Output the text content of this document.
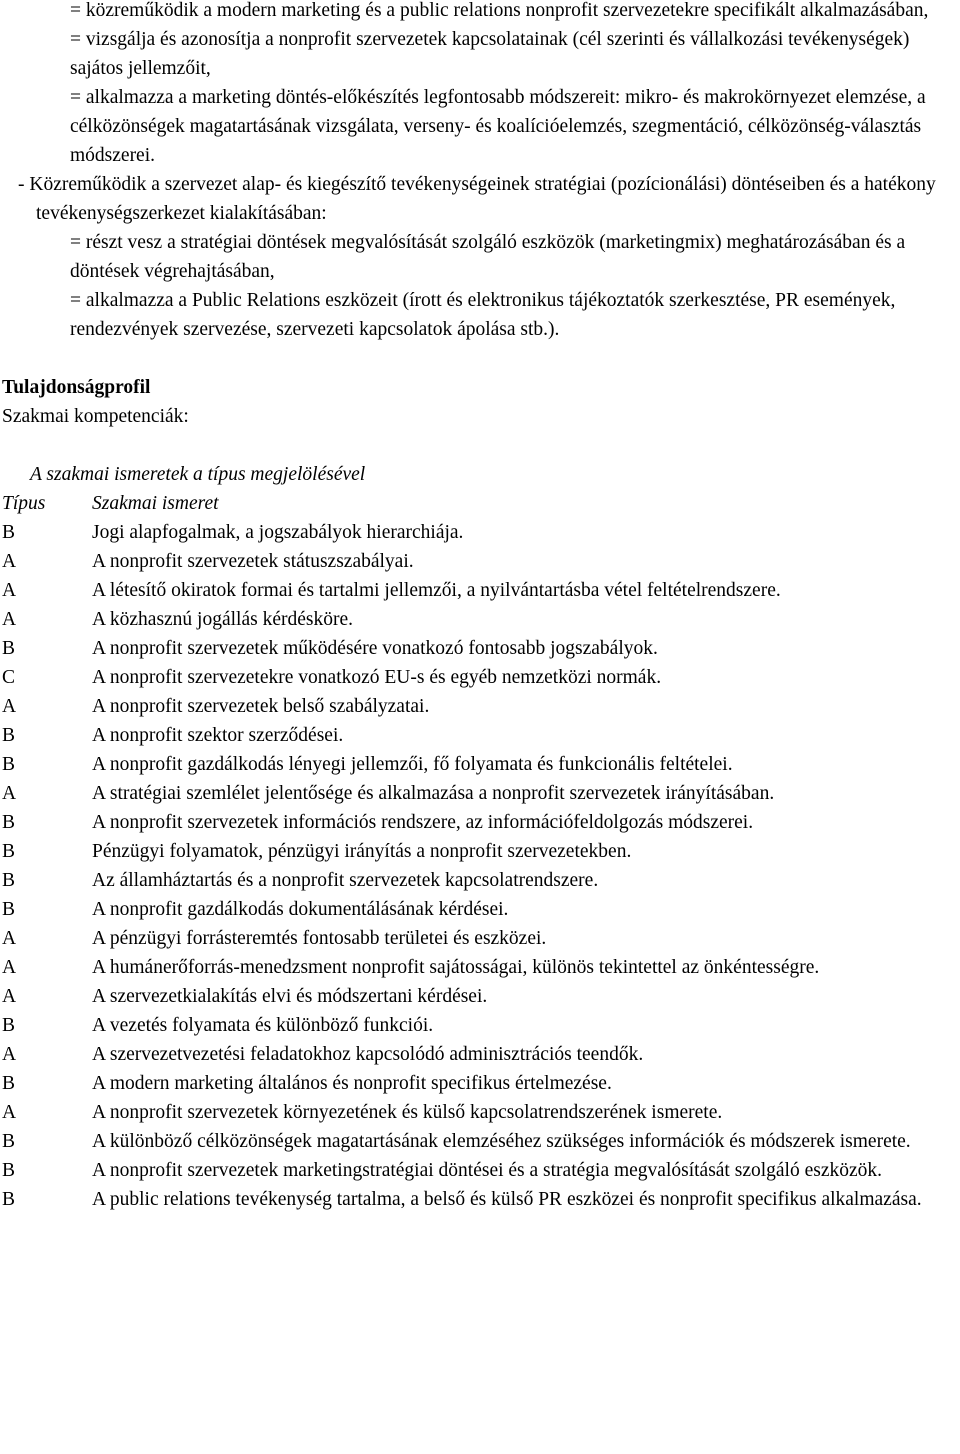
= közreműködik a modern marketing és a public relations nonprofit szervezetekre specifikált alkalmazásában,
= vizsgálja és azonosítja a nonprofit szervezetek kapcsolatainak (cél szerinti és vállalkozási tevékenységek) sajátos jellemzőit,
= alkalmazza a marketing döntés-előkészítés legfontosabb módszereit: mikro- és makrokörnyezet elemzése, a célközönségek magatartásának vizsgálata, verseny- és koalícióelemzés, szegmentáció, célközönség-választás módszerei.
- Közreműködik a szervezet alap- és kiegészítő tevékenységeinek stratégiai (pozícionálási) döntéseiben és a hatékony tevékenységszerkezet kialakításában:
= részt vesz a stratégiai döntések megvalósítását szolgáló eszközök (marketingmix) meghatározásában és a döntések végrehajtásában,
= alkalmazza a Public Relations eszközeit (írott és elektronikus tájékoztatók szerkesztése, PR események, rendezvények szervezése, szervezeti kapcsolatok ápolása stb.).
Tulajdonságprofil
Szakmai kompetenciák:
A szakmai ismeretek a típus megjelölésével
Típus	Szakmai ismeret
B	Jogi alapfogalmak, a jogszabályok hierarchiája.
A	A nonprofit szervezetek státuszszabályai.
A	A létesítő okiratok formai és tartalmi jellemzői, a nyilvántartásba vétel feltételrendszere.
A	A közhasznú jogállás kérdésköre.
B	A nonprofit szervezetek működésére vonatkozó fontosabb jogszabályok.
C	A nonprofit szervezetekre vonatkozó EU-s és egyéb nemzetközi normák.
A	A nonprofit szervezetek belső szabályzatai.
B	A nonprofit szektor szerződései.
B	A nonprofit gazdálkodás lényegi jellemzői, fő folyamata és funkcionális feltételei.
A	A stratégiai szemlélet jelentősége és alkalmazása a nonprofit szervezetek irányításában.
B	A nonprofit szervezetek információs rendszere, az információfeldolgozás módszerei.
B	Pénzügyi folyamatok, pénzügyi irányítás a nonprofit szervezetekben.
B	Az államháztartás és a nonprofit szervezetek kapcsolatrendszere.
B	A nonprofit gazdálkodás dokumentálásának kérdései.
A	A pénzügyi forrásteremtés fontosabb területei és eszközei.
A	A humánerőforrás-menedzsment nonprofit sajátosságai, különös tekintettel az önkéntességre.
A	A szervezetkialakítás elvi és módszertani kérdései.
B	A vezetés folyamata és különböző funkciói.
A	A szervezetvezetési feladatokhoz kapcsolódó adminisztrációs teendők.
B	A modern marketing általános és nonprofit specifikus értelmezése.
A	A nonprofit szervezetek környezetének és külső kapcsolatrendszerének ismerete.
B	A különböző célközönségek magatartásának elemzéséhez szükséges információk és módszerek ismerete.
B	A nonprofit szervezetek marketingstratégiai döntései és a stratégia megvalósítását szolgáló eszközök.
B	A public relations tevékenység tartalma, a belső és külső PR eszközei és nonprofit specifikus alkalmazása.
